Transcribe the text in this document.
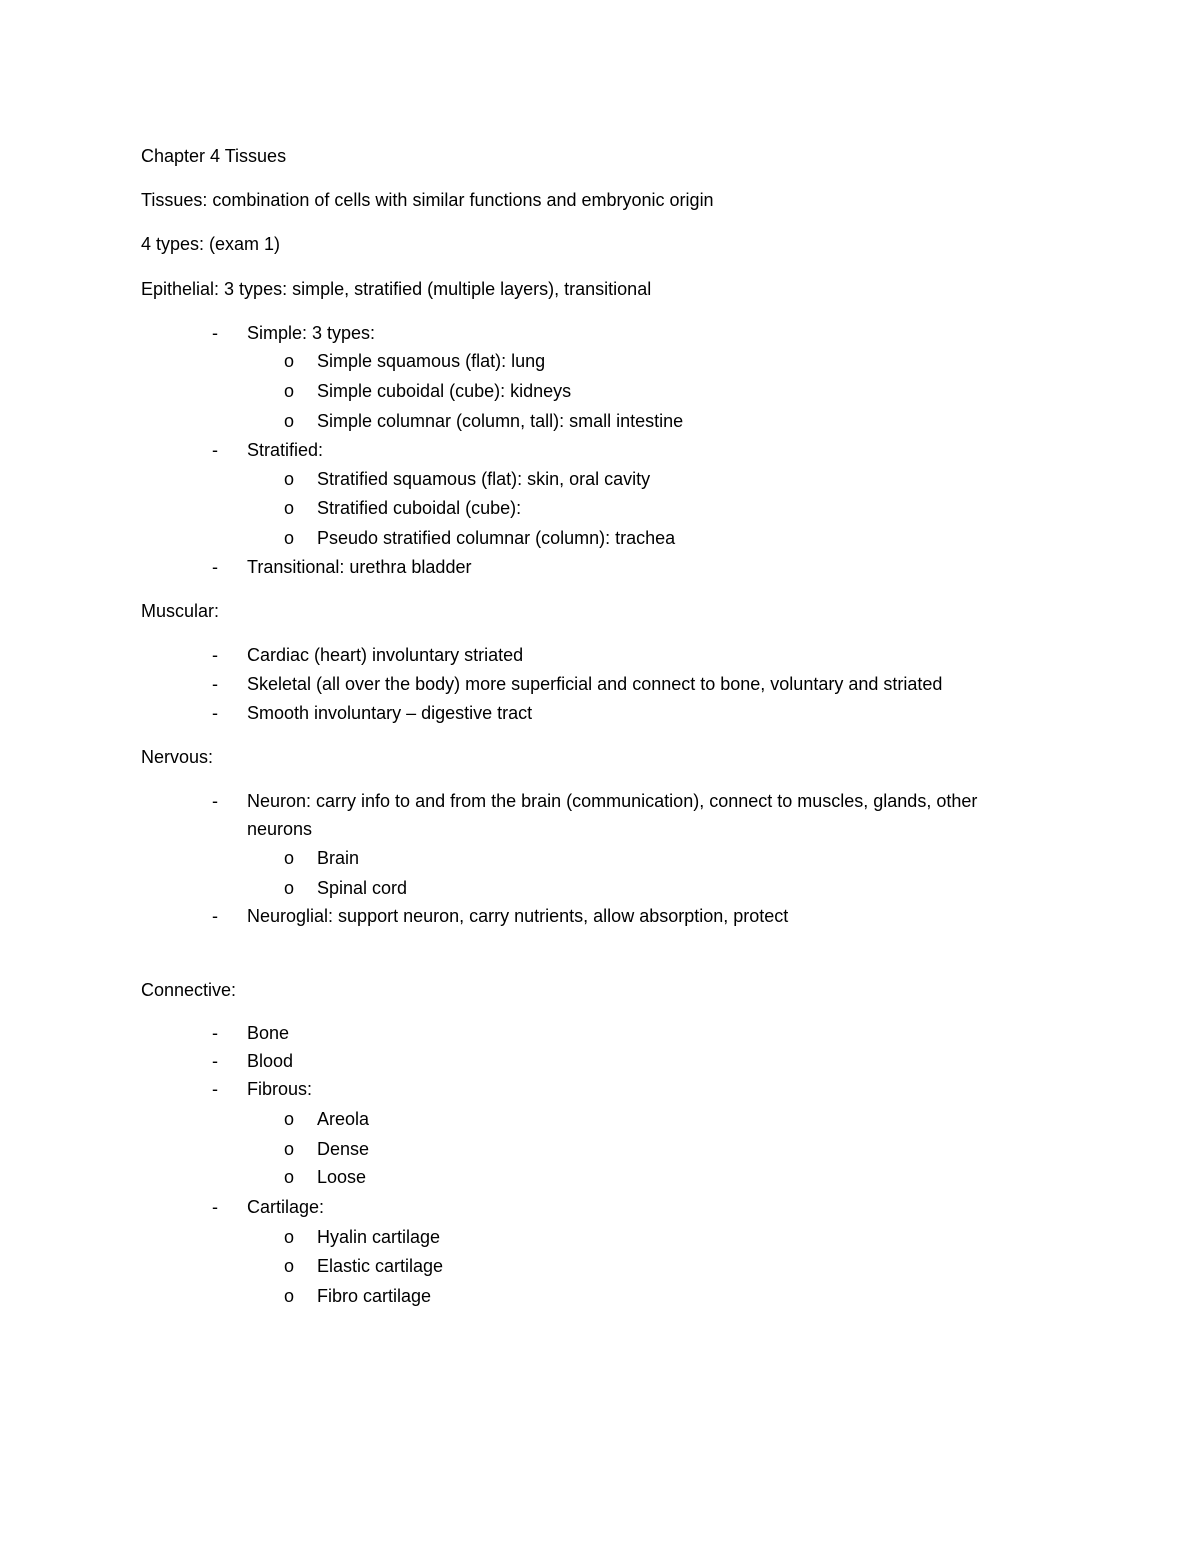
Chapter 4 Tissues
Tissues: combination of cells with similar functions and embryonic origin
4 types: (exam 1)
Epithelial: 3 types: simple, stratified (multiple layers), transitional
- Simple: 3 types:
o Simple squamous (flat): lung
o Simple cuboidal (cube): kidneys
o Simple columnar (column, tall): small intestine
- Stratified:
o Stratified squamous (flat): skin, oral cavity
o Stratified cuboidal (cube):
o Pseudo stratified columnar (column): trachea
- Transitional: urethra bladder
Muscular:
- Cardiac (heart) involuntary striated
- Skeletal (all over the body) more superficial and connect to bone, voluntary and striated
- Smooth involuntary – digestive tract
Nervous:
- Neuron: carry info to and from the brain (communication), connect to muscles, glands, other
neurons
o Brain
o Spinal cord
- Neuroglial: support neuron, carry nutrients, allow absorption, protect
Connective:
- Bone
- Blood
- Fibrous:
o Areola
o Dense
o Loose
- Cartilage:
o Hyalin cartilage
o Elastic cartilage
o Fibro cartilage
